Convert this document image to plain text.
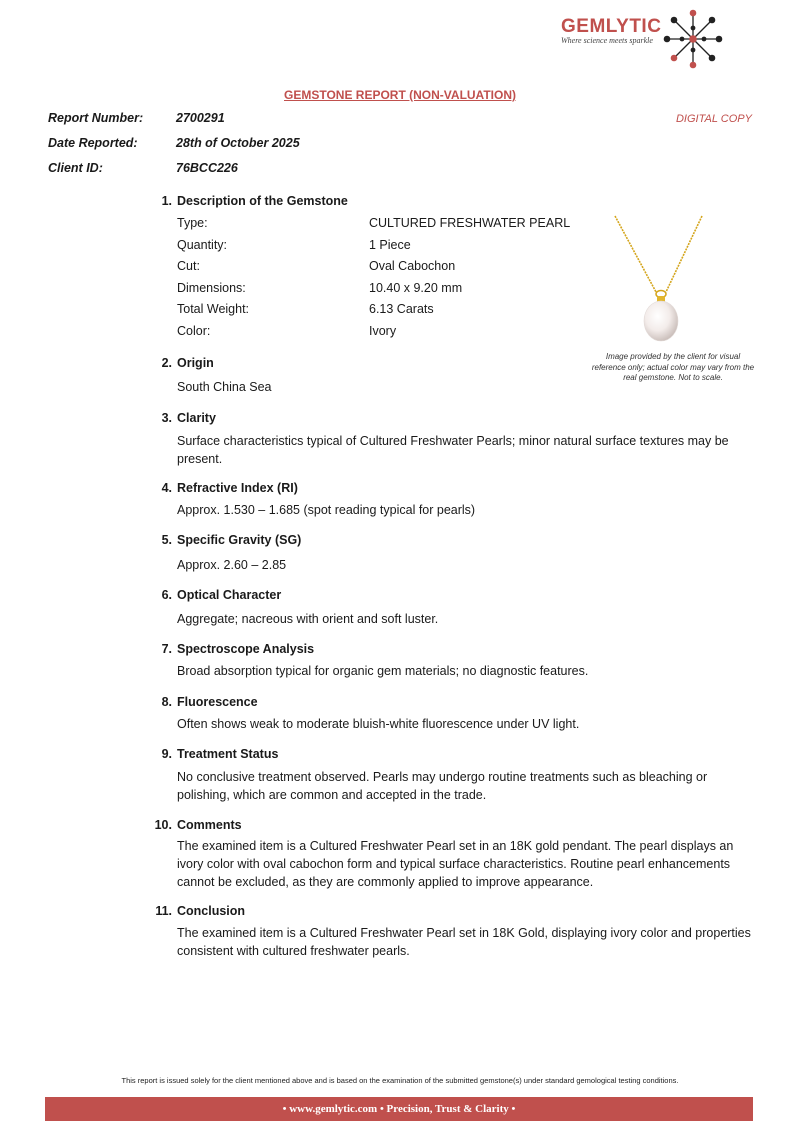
GEMLYTIC
Where science meets sparkle
GEMSTONE REPORT (NON-VALUATION)
Report Number:	2700291
Date Reported:	28th of October 2025
Client ID:	76BCC226
DIGITAL COPY
1. Description of the Gemstone
Type:	CULTURED FRESHWATER PEARL
Quantity:	1 Piece
Cut:	Oval Cabochon
Dimensions:	10.40 x 9.20 mm
Total Weight:	6.13 Carats
Color:	Ivory
Image provided by the client for visual reference only; actual color may vary from the real gemstone. Not to scale.
2. Origin
South China Sea
3. Clarity
Surface characteristics typical of Cultured Freshwater Pearls; minor natural surface textures may be present.
4. Refractive Index (RI)
Approx. 1.530 – 1.685 (spot reading typical for pearls)
5. Specific Gravity (SG)
Approx. 2.60 – 2.85
6. Optical Character
Aggregate; nacreous with orient and soft luster.
7. Spectroscope Analysis
Broad absorption typical for organic gem materials; no diagnostic features.
8. Fluorescence
Often shows weak to moderate bluish-white fluorescence under UV light.
9. Treatment Status
No conclusive treatment observed. Pearls may undergo routine treatments such as bleaching or polishing, which are common and accepted in the trade.
10. Comments
The examined item is a Cultured Freshwater Pearl set in an 18K gold pendant. The pearl displays an ivory color with oval cabochon form and typical surface characteristics. Routine pearl enhancements cannot be excluded, as they are commonly applied to improve appearance.
11. Conclusion
The examined item is a Cultured Freshwater Pearl set in 18K Gold, displaying ivory color and properties consistent with cultured freshwater pearls.
This report is issued solely for the client mentioned above and is based on the examination of the submitted gemstone(s) under standard gemological testing conditions.
• www.gemlytic.com • Precision, Trust & Clarity •
